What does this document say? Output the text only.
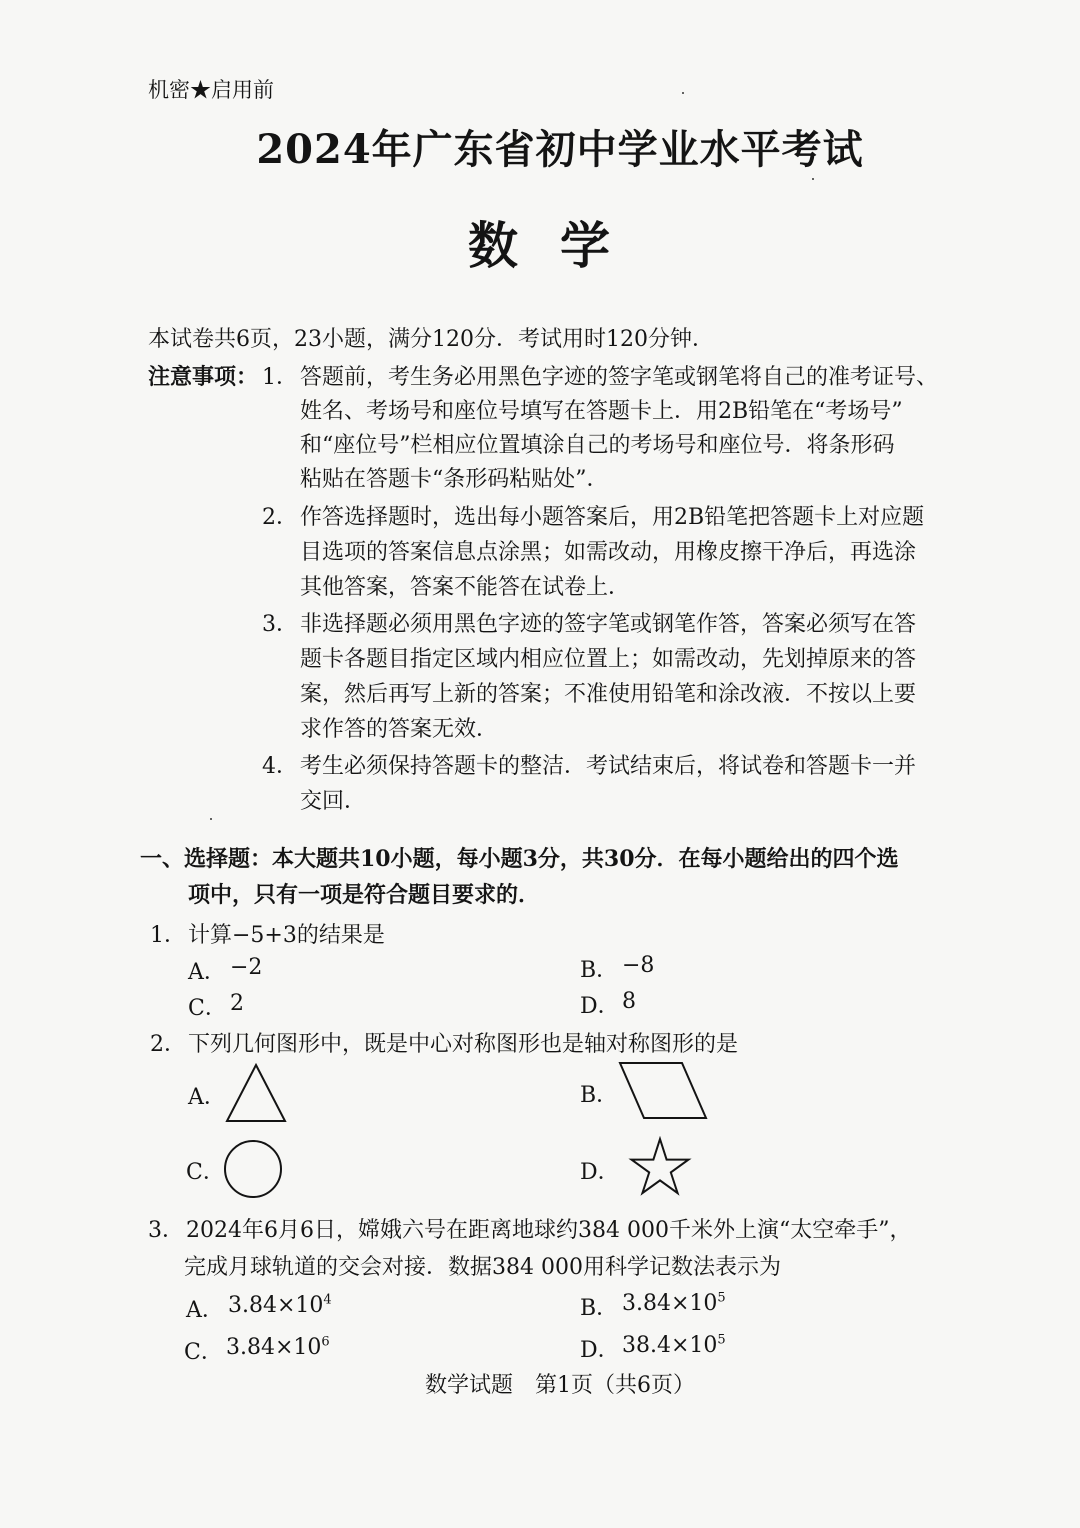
机密★启用前
2024年广东省初中学业水平考试
数学
本试卷共6页，23小题，满分120分．考试用时120分钟．
注意事项： 1． 答题前，考生务必用黑色字迹的签字笔或钢笔将自己的准考证号、
姓名、考场号和座位号填写在答题卡上．用2B铅笔在“考场号”
和“座位号”栏相应位置填涂自己的考场号和座位号．将条形码
粘贴在答题卡“条形码粘贴处”．
2． 作答选择题时，选出每小题答案后，用2B铅笔把答题卡上对应题
目选项的答案信息点涂黑；如需改动，用橡皮擦干净后，再选涂
其他答案，答案不能答在试卷上．
3． 非选择题必须用黑色字迹的签字笔或钢笔作答，答案必须写在答
题卡各题目指定区域内相应位置上；如需改动，先划掉原来的答
案，然后再写上新的答案；不准使用铅笔和涂改液．不按以上要
求作答的答案无效．
4． 考生必须保持答题卡的整洁．考试结束后，将试卷和答题卡一并
交回．
一、选择题：本大题共10小题，每小题3分，共30分．在每小题给出的四个选
项中，只有一项是符合题目要求的．
1． 计算−5+3的结果是
A． −2	B． −8
C． 2	D． 8
2． 下列几何图形中，既是中心对称图形也是轴对称图形的是
A．	B．
C．	D．
3． 2024年6月6日，嫦娥六号在距离地球约384 000千米外上演“太空牵手”，
完成月球轨道的交会对接．数据384 000用科学记数法表示为
A． $3.84\times 10^4$	B． $3.84\times 10^5$
C． $3.84\times 10^6$	D． $38.4\times 10^5$
数学试题　第1页（共6页）
